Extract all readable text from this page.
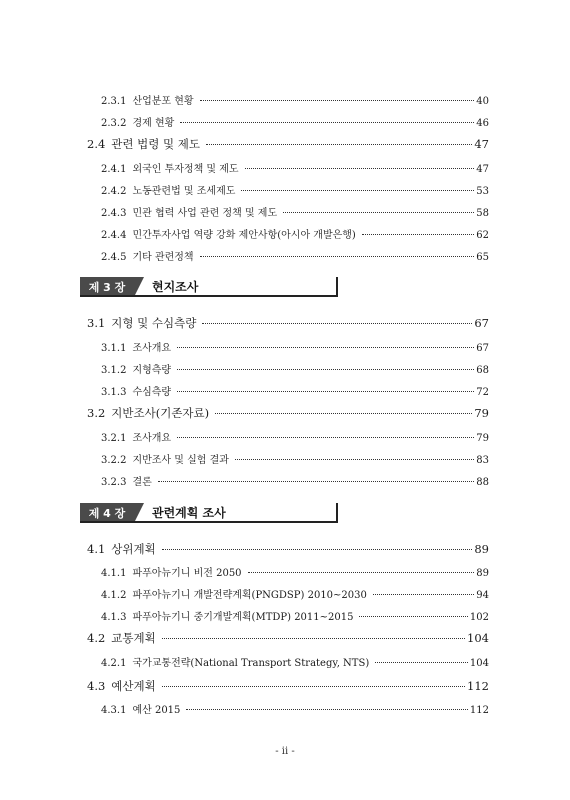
2.3.1 산업분포 현황	40
2.3.2 경제 현황	46
2.4 관련 법령 및 제도	47
2.4.1 외국인 투자정책 및 제도	47
2.4.2 노동관련법 및 조세제도	53
2.4.3 민관 협력 사업 관련 정책 및 제도	58
2.4.4 민간투자사업 역량 강화 제안사항(아시아 개발은행)	62
2.4.5 기타 관련정책	65
제 3 장	현지조사
3.1 지형 및 수심측량	67
3.1.1 조사개요	67
3.1.2 지형측량	68
3.1.3 수심측량	72
3.2 지반조사(기존자료)	79
3.2.1 조사개요	79
3.2.2 지반조사 및 실험 결과	83
3.2.3 결론	88
제 4 장	관련계획 조사
4.1 상위계획	89
4.1.1 파푸아뉴기니 비전 2050	89
4.1.2 파푸아뉴기니 개발전략계획(PNGDSP) 2010~2030	94
4.1.3 파푸아뉴기니 중기개발계획(MTDP) 2011~2015	102
4.2 교통계획	104
4.2.1 국가교통전략(National Transport Strategy, NTS)	104
4.3 예산계획	112
4.3.1 예산 2015	112
- ii -
